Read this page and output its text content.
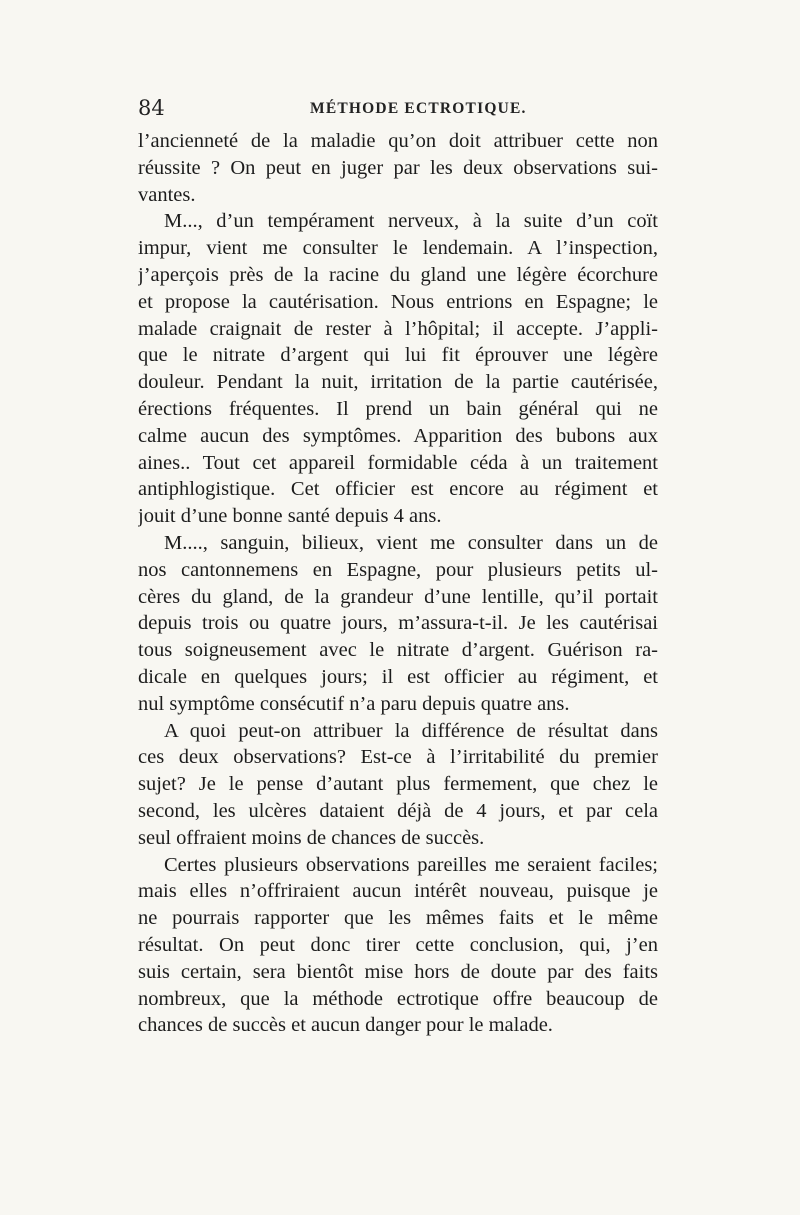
84	MÉTHODE ECTROTIQUE.
l’ancienneté de la maladie qu’on doit attribuer cette non
réussite ? On peut en juger par les deux observations sui-
vantes.
M..., d’un tempérament nerveux, à la suite d’un coït
impur, vient me consulter le lendemain. A l’inspection,
j’aperçois près de la racine du gland une légère écorchure
et propose la cautérisation. Nous entrions en Espagne; le
malade craignait de rester à l’hôpital; il accepte. J’appli-
que le nitrate d’argent qui lui fit éprouver une légère
douleur. Pendant la nuit, irritation de la partie cautérisée,
érections fréquentes. Il prend un bain général qui ne
calme aucun des symptômes. Apparition des bubons aux
aines.. Tout cet appareil formidable céda à un traitement
antiphlogistique. Cet officier est encore au régiment et
jouit d’une bonne santé depuis 4 ans.
M...., sanguin, bilieux, vient me consulter dans un de
nos cantonnemens en Espagne, pour plusieurs petits ul-
cères du gland, de la grandeur d’une lentille, qu’il portait
depuis trois ou quatre jours, m’assura-t-il. Je les cautérisai
tous soigneusement avec le nitrate d’argent. Guérison ra-
dicale en quelques jours; il est officier au régiment, et
nul symptôme consécutif n’a paru depuis quatre ans.
A quoi peut-on attribuer la différence de résultat dans
ces deux observations? Est-ce à l’irritabilité du premier
sujet? Je le pense d’autant plus fermement, que chez le
second, les ulcères dataient déjà de 4 jours, et par cela
seul offraient moins de chances de succès.
Certes plusieurs observations pareilles me seraient faciles;
mais elles n’offriraient aucun intérêt nouveau, puisque je
ne pourrais rapporter que les mêmes faits et le même
résultat. On peut donc tirer cette conclusion, qui, j’en
suis certain, sera bientôt mise hors de doute par des faits
nombreux, que la méthode ectrotique offre beaucoup de
chances de succès et aucun danger pour le malade.
